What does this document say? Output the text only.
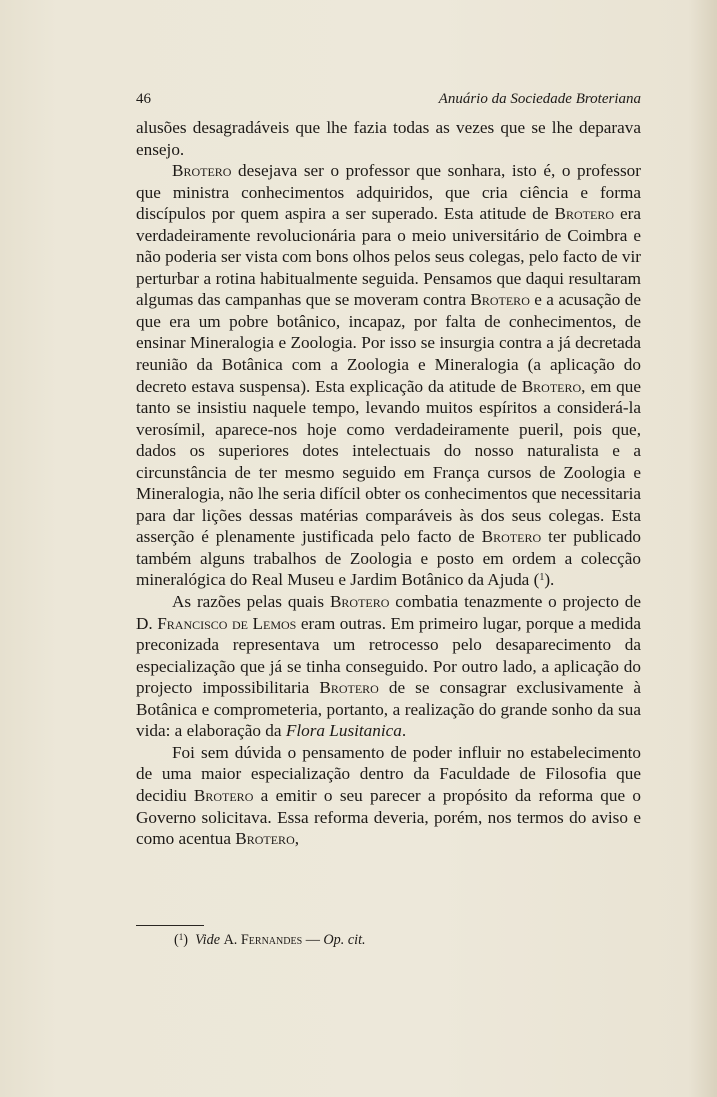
46	Anuário da Sociedade Broteriana

alusões desagradáveis que lhe fazia todas as vezes que se lhe deparava ensejo.

Brotero desejava ser o professor que sonhara, isto é, o professor que ministra conhecimentos adquiridos, que cria ciência e forma discípulos por quem aspira a ser superado. Esta atitude de Brotero era verdadeiramente revolucionária para o meio universitário de Coimbra e não poderia ser vista com bons olhos pelos seus colegas, pelo facto de vir perturbar a rotina habitualmente seguida. Pensamos que daqui resultaram algumas das campanhas que se moveram contra Brotero e a acusação de que era um pobre botânico, incapaz, por falta de conhecimentos, de ensinar Mineralogia e Zoologia. Por isso se insurgia contra a já decretada reunião da Botânica com a Zoologia e Mineralogia (a aplicação do decreto estava suspensa). Esta explicação da atitude de Brotero, em que tanto se insistiu naquele tempo, levando muitos espíritos a considerá-la verosímil, aparece-nos hoje como verdadeiramente pueril, pois que, dados os superiores dotes intelectuais do nosso naturalista e a circunstância de ter mesmo seguido em França cursos de Zoologia e Mineralogia, não lhe seria difícil obter os conhecimentos que necessitaria para dar lições dessas matérias comparáveis às dos seus colegas. Esta asserção é plenamente justificada pelo facto de Brotero ter publicado também alguns trabalhos de Zoologia e posto em ordem a colecção mineralógica do Real Museu e Jardim Botânico da Ajuda ($^1$).

As razões pelas quais Brotero combatia tenazmente o projecto de D. Francisco de Lemos eram outras. Em primeiro lugar, porque a medida preconizada representava um retrocesso pelo desaparecimento da especialização que já se tinha conseguido. Por outro lado, a aplicação do projecto impossibilitaria Brotero de se consagrar exclusivamente à Botânica e comprometeria, portanto, a realização do grande sonho da sua vida: a elaboração da Flora Lusitanica.

Foi sem dúvida o pensamento de poder influir no estabelecimento de uma maior especialização dentro da Faculdade de Filosofia que decidiu Brotero a emitir o seu parecer a propósito da reforma que o Governo solicitava. Essa reforma deveria, porém, nos termos do aviso e como acentua Brotero,

($^1$) Vide A. Fernandes — Op. cit.
